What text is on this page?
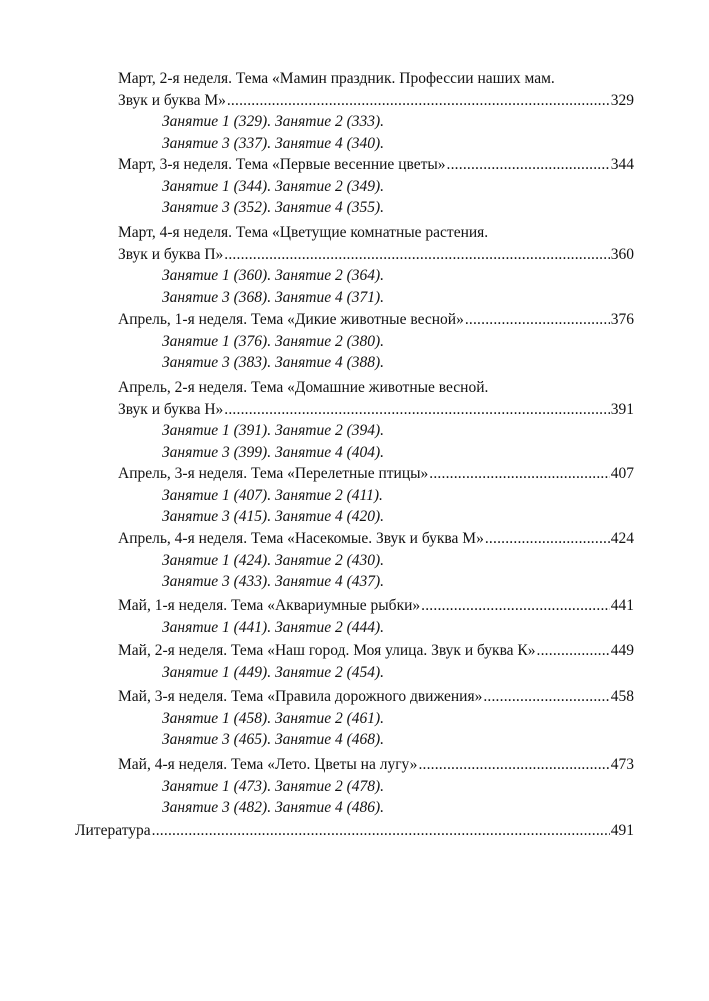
Март, 2-я неделя. Тема «Мамин праздник. Профессии наших мам.
Звук и буква М» .....	329
Занятие 1 (329). Занятие 2 (333).
Занятие 3 (337). Занятие 4 (340).
Март, 3-я неделя. Тема «Первые весенние цветы» .....	344
Занятие 1 (344). Занятие 2 (349).
Занятие 3 (352). Занятие 4 (355).
Март, 4-я неделя. Тема «Цветущие комнатные растения.
Звук и буква П» .....	360
Занятие 1 (360). Занятие 2 (364).
Занятие 3 (368). Занятие 4 (371).
Апрель, 1-я неделя. Тема «Дикие животные весной» .....	376
Занятие 1 (376). Занятие 2 (380).
Занятие 3 (383). Занятие 4 (388).
Апрель, 2-я неделя. Тема «Домашние животные весной.
Звук и буква Н» .....	391
Занятие 1 (391). Занятие 2 (394).
Занятие 3 (399). Занятие 4 (404).
Апрель, 3-я неделя. Тема «Перелетные птицы» .....	407
Занятие 1 (407). Занятие 2 (411).
Занятие 3 (415). Занятие 4 (420).
Апрель, 4-я неделя. Тема «Насекомые. Звук и буква М» .....	424
Занятие 1 (424). Занятие 2 (430).
Занятие 3 (433). Занятие 4 (437).
Май, 1-я неделя. Тема «Аквариумные рыбки» .....	441
Занятие 1 (441). Занятие 2 (444).
Май, 2-я неделя. Тема «Наш город. Моя улица. Звук и буква К» .....	449
Занятие 1 (449). Занятие 2 (454).
Май, 3-я неделя. Тема «Правила дорожного движения» .....	458
Занятие 1 (458). Занятие 2 (461).
Занятие 3 (465). Занятие 4 (468).
Май, 4-я неделя. Тема «Лето. Цветы на лугу» .....	473
Занятие 1 (473). Занятие 2 (478).
Занятие 3 (482). Занятие 4 (486).
Литература .....	491
